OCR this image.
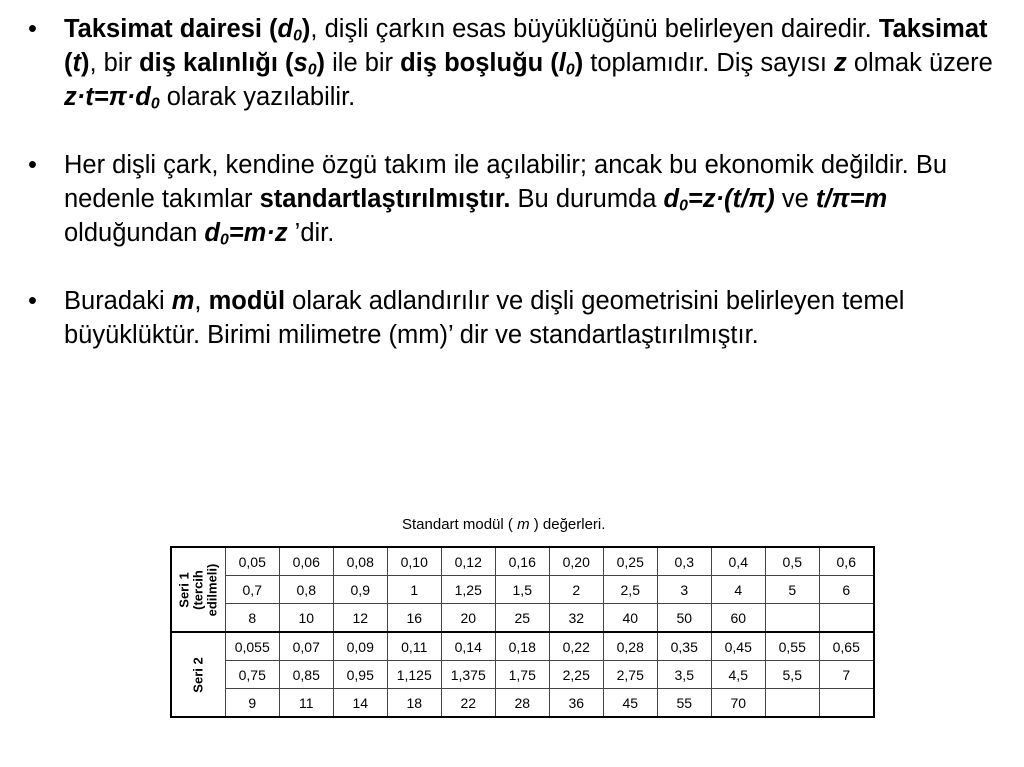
• Taksimat dairesi $(d_0)$, dişli çarkın esas büyüklüğünü belirleyen dairedir. Taksimat (t), bir diş kalınlığı $(s_0)$ ile bir diş boşluğu $(l_0)$ toplamıdır. Diş sayısı z olmak üzere $z\cdot t=\pi\cdot d_0$ olarak yazılabilir.

• Her dişli çark, kendine özgü takım ile açılabilir; ancak bu ekonomik değildir. Bu nedenle takımlar standartlaştırılmıştır. Bu durumda $d_0=z\cdot(t/\pi)$ ve t/π=m olduğundan $d_0=m\cdot z$ ’dir.

• Buradaki m, modül olarak adlandırılır ve dişli geometrisini belirleyen temel büyüklüktür. Birimi milimetre (mm)’ dir ve standartlaştırılmıştır.

Standart modül ( m ) değerleri.
Seri 1 (tercih edilmeli)	0,05	0,06	0,08	0,10	0,12	0,16	0,20	0,25	0,3	0,4	0,5	0,6
	0,7	0,8	0,9	1	1,25	1,5	2	2,5	3	4	5	6
	8	10	12	16	20	25	32	40	50	60		

Seri 2	0,055	0,07	0,09	0,11	0,14	0,18	0,22	0,28	0,35	0,45	0,55	0,65
	0,75	0,85	0,95	1,125	1,375	1,75	2,25	2,75	3,5	4,5	5,5	7
	9	11	14	18	22	28	36	45	55	70		
